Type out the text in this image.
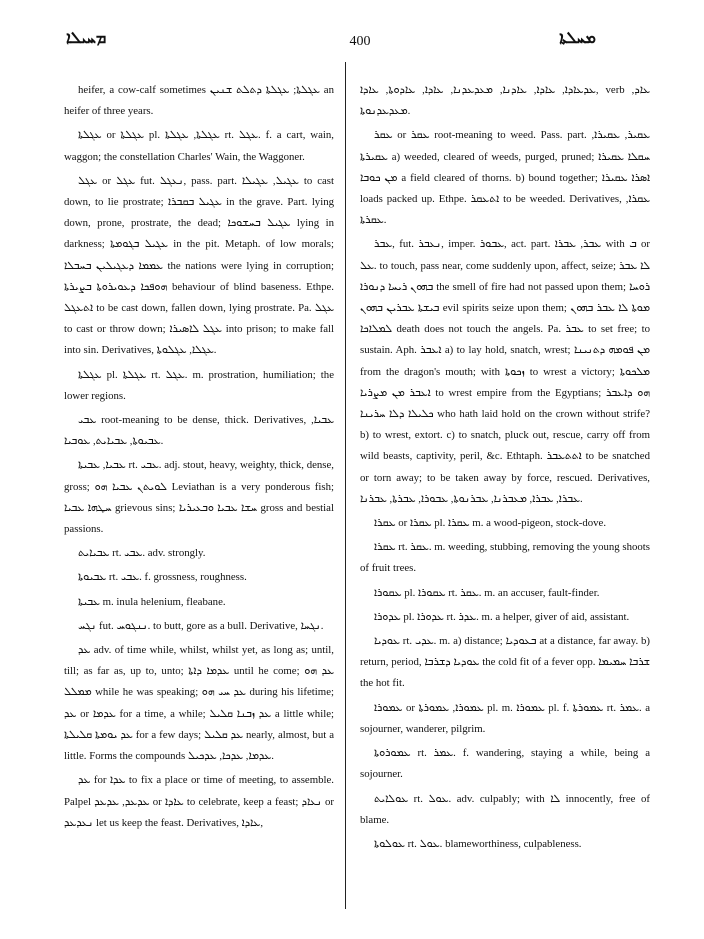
ܡ‌ܚܝܠܐ	400	ܡܚܠܬܐ

heifer, a cow-calf sometimes ܥܓܠܬܐ; ܥܓܠܬܐ ܕܬܠܬ ܫܢܝܢ an heifer of three years.

ܥܓܠܬܐ or ܥܓܠܬܐ pl. ܥܓܠܬܐ, ܥܓܠܬܐ rt. ܥܓܠ. f. a cart, wain, waggon; the constellation Charles' Wain, the Waggoner.

ܥܓܠ or ܥܓܠ fut. ܢܥܓܠ, pass. part. ܥܓܝܠ, ܥܓܝܠܐ to cast down, to lie prostrate; ܥܓܝܠ ܒܩܒܪܐ in the grave. Part. lying down, prone, prostrate, the dead; ܥܓܝܠ ܒܚܫܘܟܐ lying in darkness; ܥܓܝܠ ܒܓܘܡܬܐ in the pit. Metaph. of low morals; ܥܡܡܐ ܕܥܓܝܠܝܢ ܒܚܒܠܐ the nations were lying in corruption; ܗܘܦܟܐ ܕܥܘܝܪܘܬܐ ܒܨܝܪܬܐ behaviour of blind baseness. Ethpe. ܐܬܥܓܠ to be cast down, fallen down, lying prostrate. Pa. ܥܓܠ to cast or throw down; ܥܓܠ ܠܐܣܝܪܐ into prison; to make fall into sin. Derivatives, ܥܓܠܐ, ܥܓܠܘܬܐ.

ܥܓܠܬܐ pl. ܥܓܠܬܐ rt. ܥܓܠ. m. prostration, humiliation; the lower regions.

ܥܒܝ root-meaning to be dense, thick. Derivatives, ܥܒܝܐ, ܥܒܝܘܬܐ, ܥܒܝܐܝܬ, ܥܘܒܝܐ.

ܥܒܝܐ, ܥܒܝܬܐ rt. ܥܒܝ. adj. stout, heavy, weighty, thick, dense, gross; ܠܘܝܬܢ ܥܒܝܐ ܗܘ Leviathan is a very ponderous fish; ܚܛܗܐ ܥܒܝܐ grievous sins; ܚܫܐ ܥܒܝܐ ܘܒܥܝܪܝܐ gross and bestial passions.

ܥܒܝܐܝܬ rt. ܥܒܝ. adv. strongly.

ܥܒܝܘܬܐ rt. ܥܒܝ. f. grossness, roughness.

ܥܒܝܬܐ m. inula helenium, fleabane.

ܢܓܚ fut. ܢܢܓܘܚ. to butt, gore as a bull. Derivative, ܢܓܚܐ.

ܥܕ adv. of time while, whilst, whilst yet, as long as; until, till; as far as, up to, unto; ܥܕܡܐ ܕܐܬܐ until he come; ܥܕ ܗܘ ܡܡܠܠ while he was speaking; ܥܕ ܚܝ ܗܘ during his lifetime; ܥܕ or ܥܕܡܐ for a time, a while; ܥܕ ܙܒܢܐ ܩܠܝܠ a little while; ܥܕ ܝܘܡܬܐ ܩܠܝܠܬܐ for a few days; ܥܕ ܩܠܝܠ nearly, almost, but a little. Forms the compounds ܥܕܡܐ, ܥܕܟܐ, ܥܕܟܝܠ.

ܥܕ for ܥܕܐ to fix a place or time of meeting, to assemble. Palpel ܥܕܥܕ, ܥܕܥܕ or ܥܐܕܐ to celebrate, keep a feast; ܢܥܐܕ or ܢܥܕܥܕ let us keep the feast. Derivatives, ܥܐܕܐ,

ܥܕܥܐܕܐ, ܥܐܕܐ, ܥܐܕܢܐ, ܡܥܕܥܕܢܐ, ܥܐܕܐ, ܥܐܕܘܬܐ, ܥܐܕܐ, verb ܥܐܕ, ܡܥܕܥܕܢܘܬܐ.

ܥܩܪ or ܥܩܪ root-meaning to weed. Pass. part. ܥܩܝܪ, ܥܩܝܪܐ, ܥܩܝܪܬܐ a) weeded, cleared of weeds, purged, pruned; ܚܩܠܐ ܥܩܝܪܐ ܡܢ ܟܘܒܐ a field cleared of thorns. b) bound together; ܐܣܪܐ ܥܩܝܪܐ loads packed up. Ethpe. ܐܬܥܩܪ to be weeded. Derivatives, ܥܩܪܐ, ܥܩܪܬܐ.

ܥܒܪ, fut. ܢܥܒܪ, imper. ܥܒܘܪ, act. part. ܥܒܪ, ܥܒܪܐ with ܒ or ܥܠ. to touch, pass near, come suddenly upon, affect, seize; ܠܐ ܥܒܪ ܒܗܘܢ ܪܝܚܐ ܕܢܘܪܐ the smell of fire had not passed upon them; ܪܘܚܐ ܒܝܫܬܐ ܥܒܪܝܢ ܒܗܘܢ evil spirits seize upon them; ܡܘܬܐ ܠܐ ܥܒܪ ܒܗܘܢ ܠܡܠܐܟܐ death does not touch the angels. Pa. ܥܒܪ to set free; to sustain. Aph. ܐܥܒܪ a) to lay hold, snatch, wrest; ܡܢ ܦܘܡܗ ܕܬܢܝܢܐ from the dragon's mouth; with ܙܟܘܬܐ to wrest a victory; ܡܠܟܘܬܐ ܐܥܒܪ ܡܢ ܡܨܪܝܐ to wrest empire from the Egyptians; ܗܘ ܕܐܥܒܪ ܟܠܝܠܐ ܕܠܐ ܚܪܝܢܐ who hath laid hold on the crown without strife? b) to wrest, extort. c) to snatch, pluck out, rescue, carry off from wild beasts, captivity, peril, &c. Ethtaph. ܐܬܬܥܒܪ to be snatched or torn away; to be taken away by force, rescued. Derivatives, ܥܒܪܐ, ܥܒܪܐ, ܡܥܒܪܢܐ, ܥܒܪܢܘܬܐ, ܥܒܘܪܐ, ܥܒܪܬܐ, ܥܒܪܢܐ.

ܥܩܪܐ or ܥܩܪܐ pl. ܥܩܪܐ m. a wood-pigeon, stock-dove.

ܥܩܪܐ rt. ܥܩܪ. m. weeding, stubbing, removing the young shoots of fruit trees.

ܥܩܘܪܐ pl. ܥܩܘܪܐ rt. ܥܩܪ. m. an accuser, fault-finder.

ܥܕܘܪܐ pl. ܥܕܘܪܐ rt. ܥܕܪ. m. a helper, giver of aid, assistant.

ܥܘܕܝܐ rt. ܥܕܝ. m. a) distance; ܒܥܘܕܝܐ at a distance, far away. b) return, period, ܥܘܕܝܐ ܕܫܪܒܐ the cold fit of a fever opp. ܫܪܒܐ ܚܡܝܡܐ the hot fit.

ܥܡܘܪܐ or ܥܡܘܪܐ, ܥܡܘܪܬܐ pl. m. ܥܡܘܪܐ pl. f. ܥܡܘܪܬܐ rt. ܥܡܪ. a sojourner, wanderer, pilgrim.

ܥܡܘܪܘܬܐ rt. ܥܡܪ. f. wandering, staying a while, being a sojourner.

ܥܘܠܐܝܬ rt. ܥܘܠ. adv. culpably; with ܠܐ innocently, free of blame.

ܥܘܠܘܬܐ rt. ܥܘܠ. blameworthiness, culpableness.
